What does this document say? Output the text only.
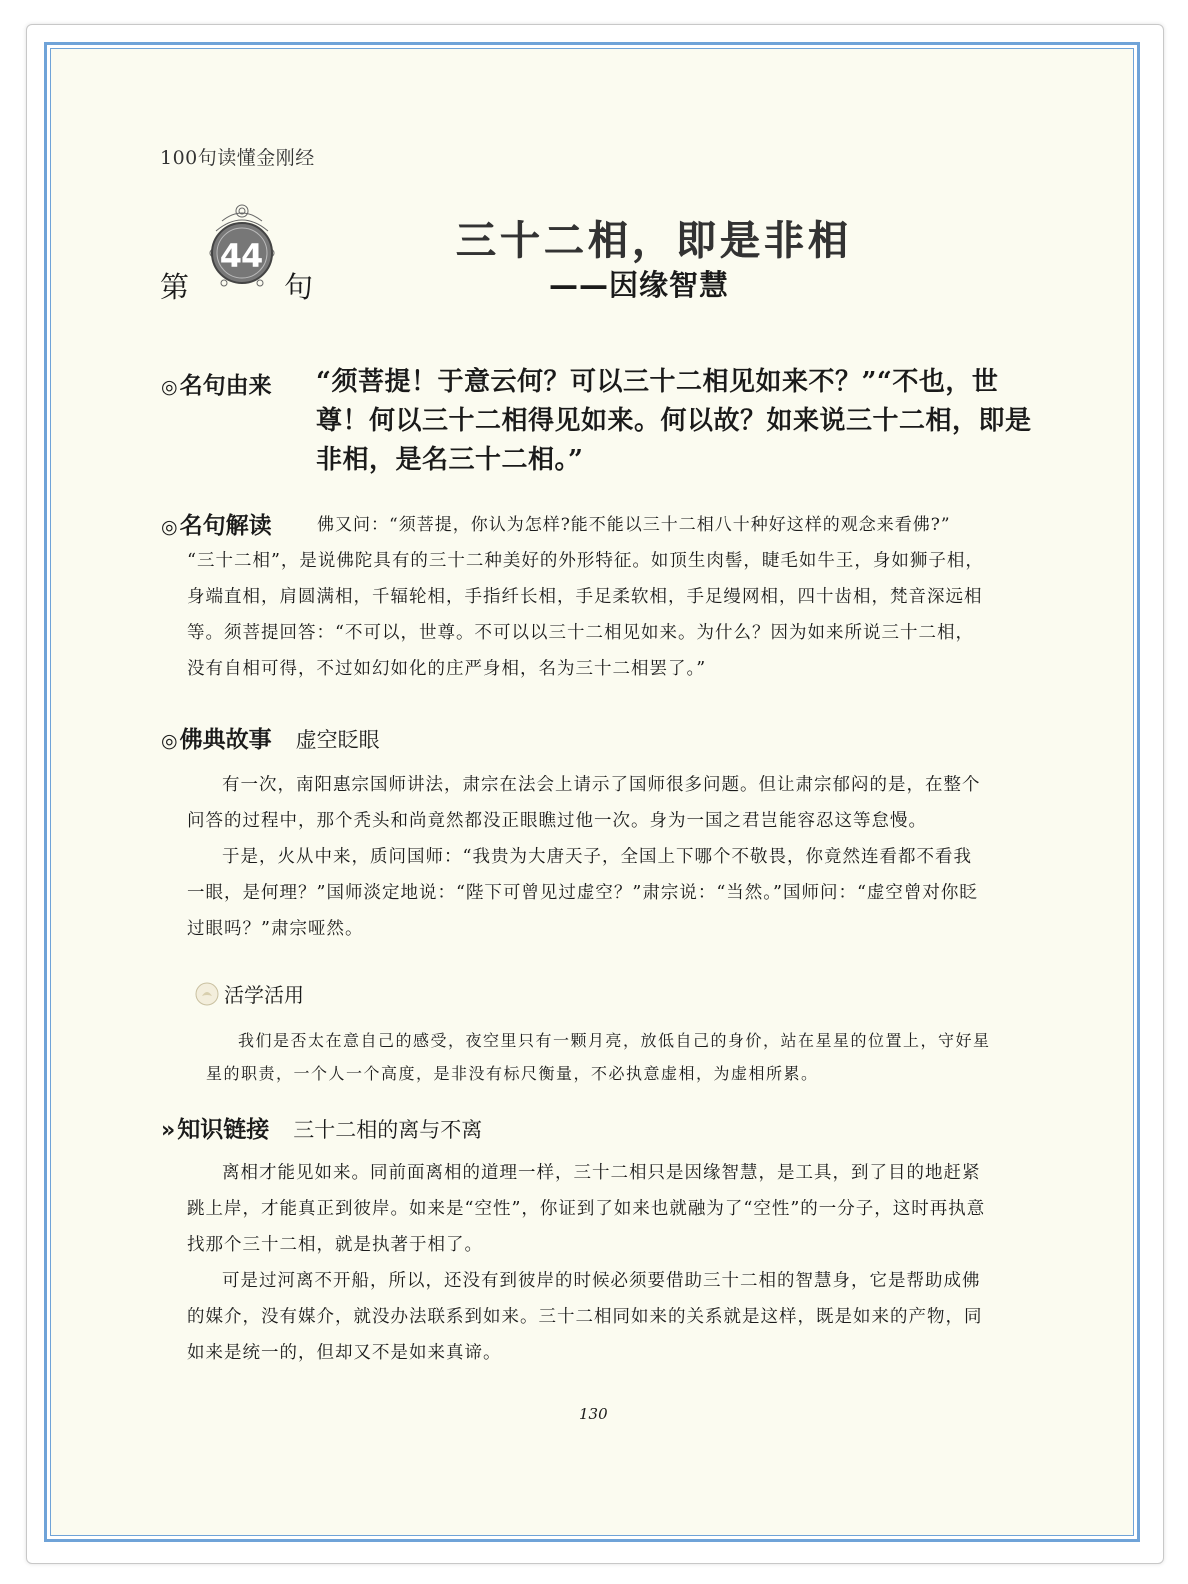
100句读懂金刚经
第
44
句
三十二相，即是非相
——因缘智慧
◎名句由来 “须菩提！于意云何？可以三十二相见如来不？”“不也，世尊！何以三十二相得见如来。何以故？如来说三十二相，即是非相，是名三十二相。”
◎名句解读	佛又问：“须菩提，你认为怎样?能不能以三十二相八十种好这样的观念来看佛?”
“三十二相”，是说佛陀具有的三十二种美好的外形特征。如顶生肉髻，睫毛如牛王，身如狮子相，身端直相，肩圆满相，千辐轮相，手指纤长相，手足柔软相，手足缦网相，四十齿相，梵音深远相等。须菩提回答：“不可以，世尊。不可以以三十二相见如来。为什么？因为如来所说三十二相，没有自相可得，不过如幻如化的庄严身相，名为三十二相罢了。”
◎佛典故事 虚空眨眼

有一次，南阳惠宗国师讲法，肃宗在法会上请示了国师很多问题。但让肃宗郁闷的是，在整个问答的过程中，那个秃头和尚竟然都没正眼瞧过他一次。身为一国之君岂能容忍这等怠慢。

于是，火从中来，质问国师：“我贵为大唐天子，全国上下哪个不敬畏，你竟然连看都不看我一眼，是何理？”国师淡定地说：“陛下可曾见过虚空？”肃宗说：“当然。”国师问：“虚空曾对你眨过眼吗？”肃宗哑然。

活学活用

我们是否太在意自己的感受，夜空里只有一颗月亮，放低自己的身价，站在星星的位置上，守好星星的职责，一个人一个高度，是非没有标尺衡量，不必执意虚相，为虚相所累。

»知识链接 三十二相的离与不离

离相才能见如来。同前面离相的道理一样，三十二相只是因缘智慧，是工具，到了目的地赶紧跳上岸，才能真正到彼岸。如来是“空性”，你证到了如来也就融为了“空性”的一分子，这时再执意找那个三十二相，就是执著于相了。

可是过河离不开船，所以，还没有到彼岸的时候必须要借助三十二相的智慧身，它是帮助成佛的媒介，没有媒介，就没办法联系到如来。三十二相同如来的关系就是这样，既是如来的产物，同如来是统一的，但却又不是如来真谛。

130
